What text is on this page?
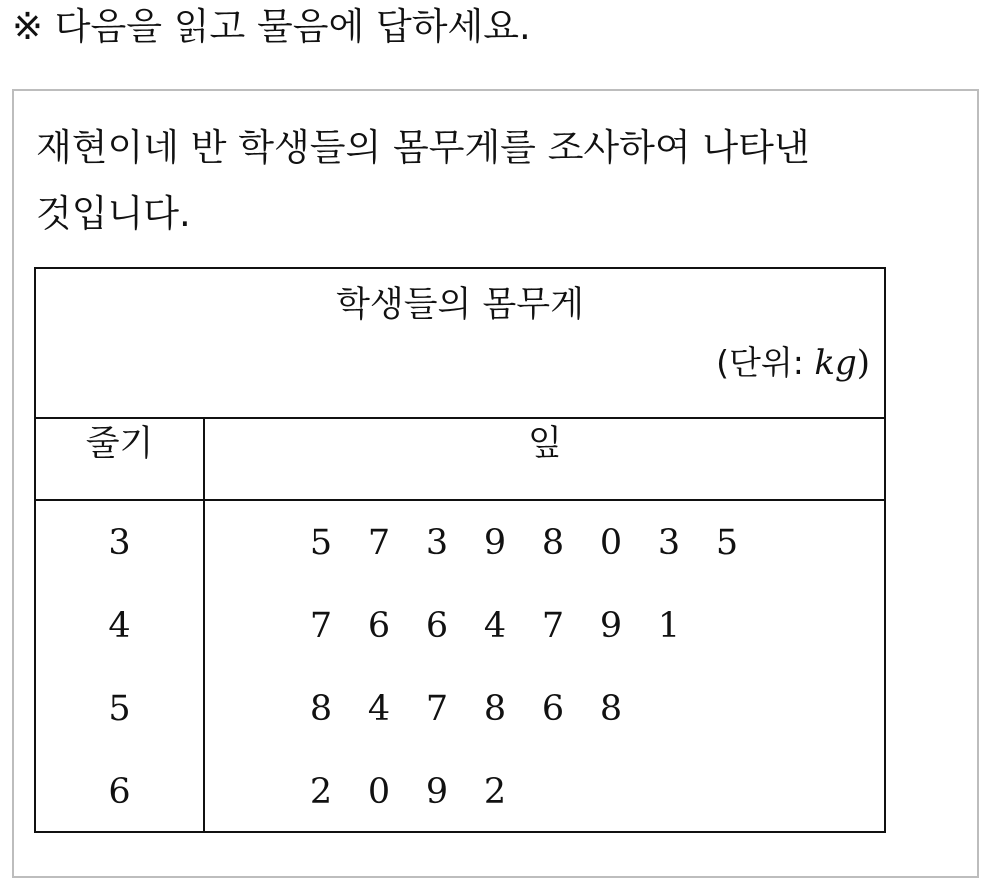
※ 다음을 읽고 물음에 답하세요.
재현이네 반 학생들의 몸무게를 조사하여 나타낸
것입니다.
학생들의 몸무게
(단위: kg)
줄기	잎
3	5	7	3	9	8	0	3	5
4	7	6	6	4	7	9	1
5	8	4	7	8	6	8
6	2	0	9	2
